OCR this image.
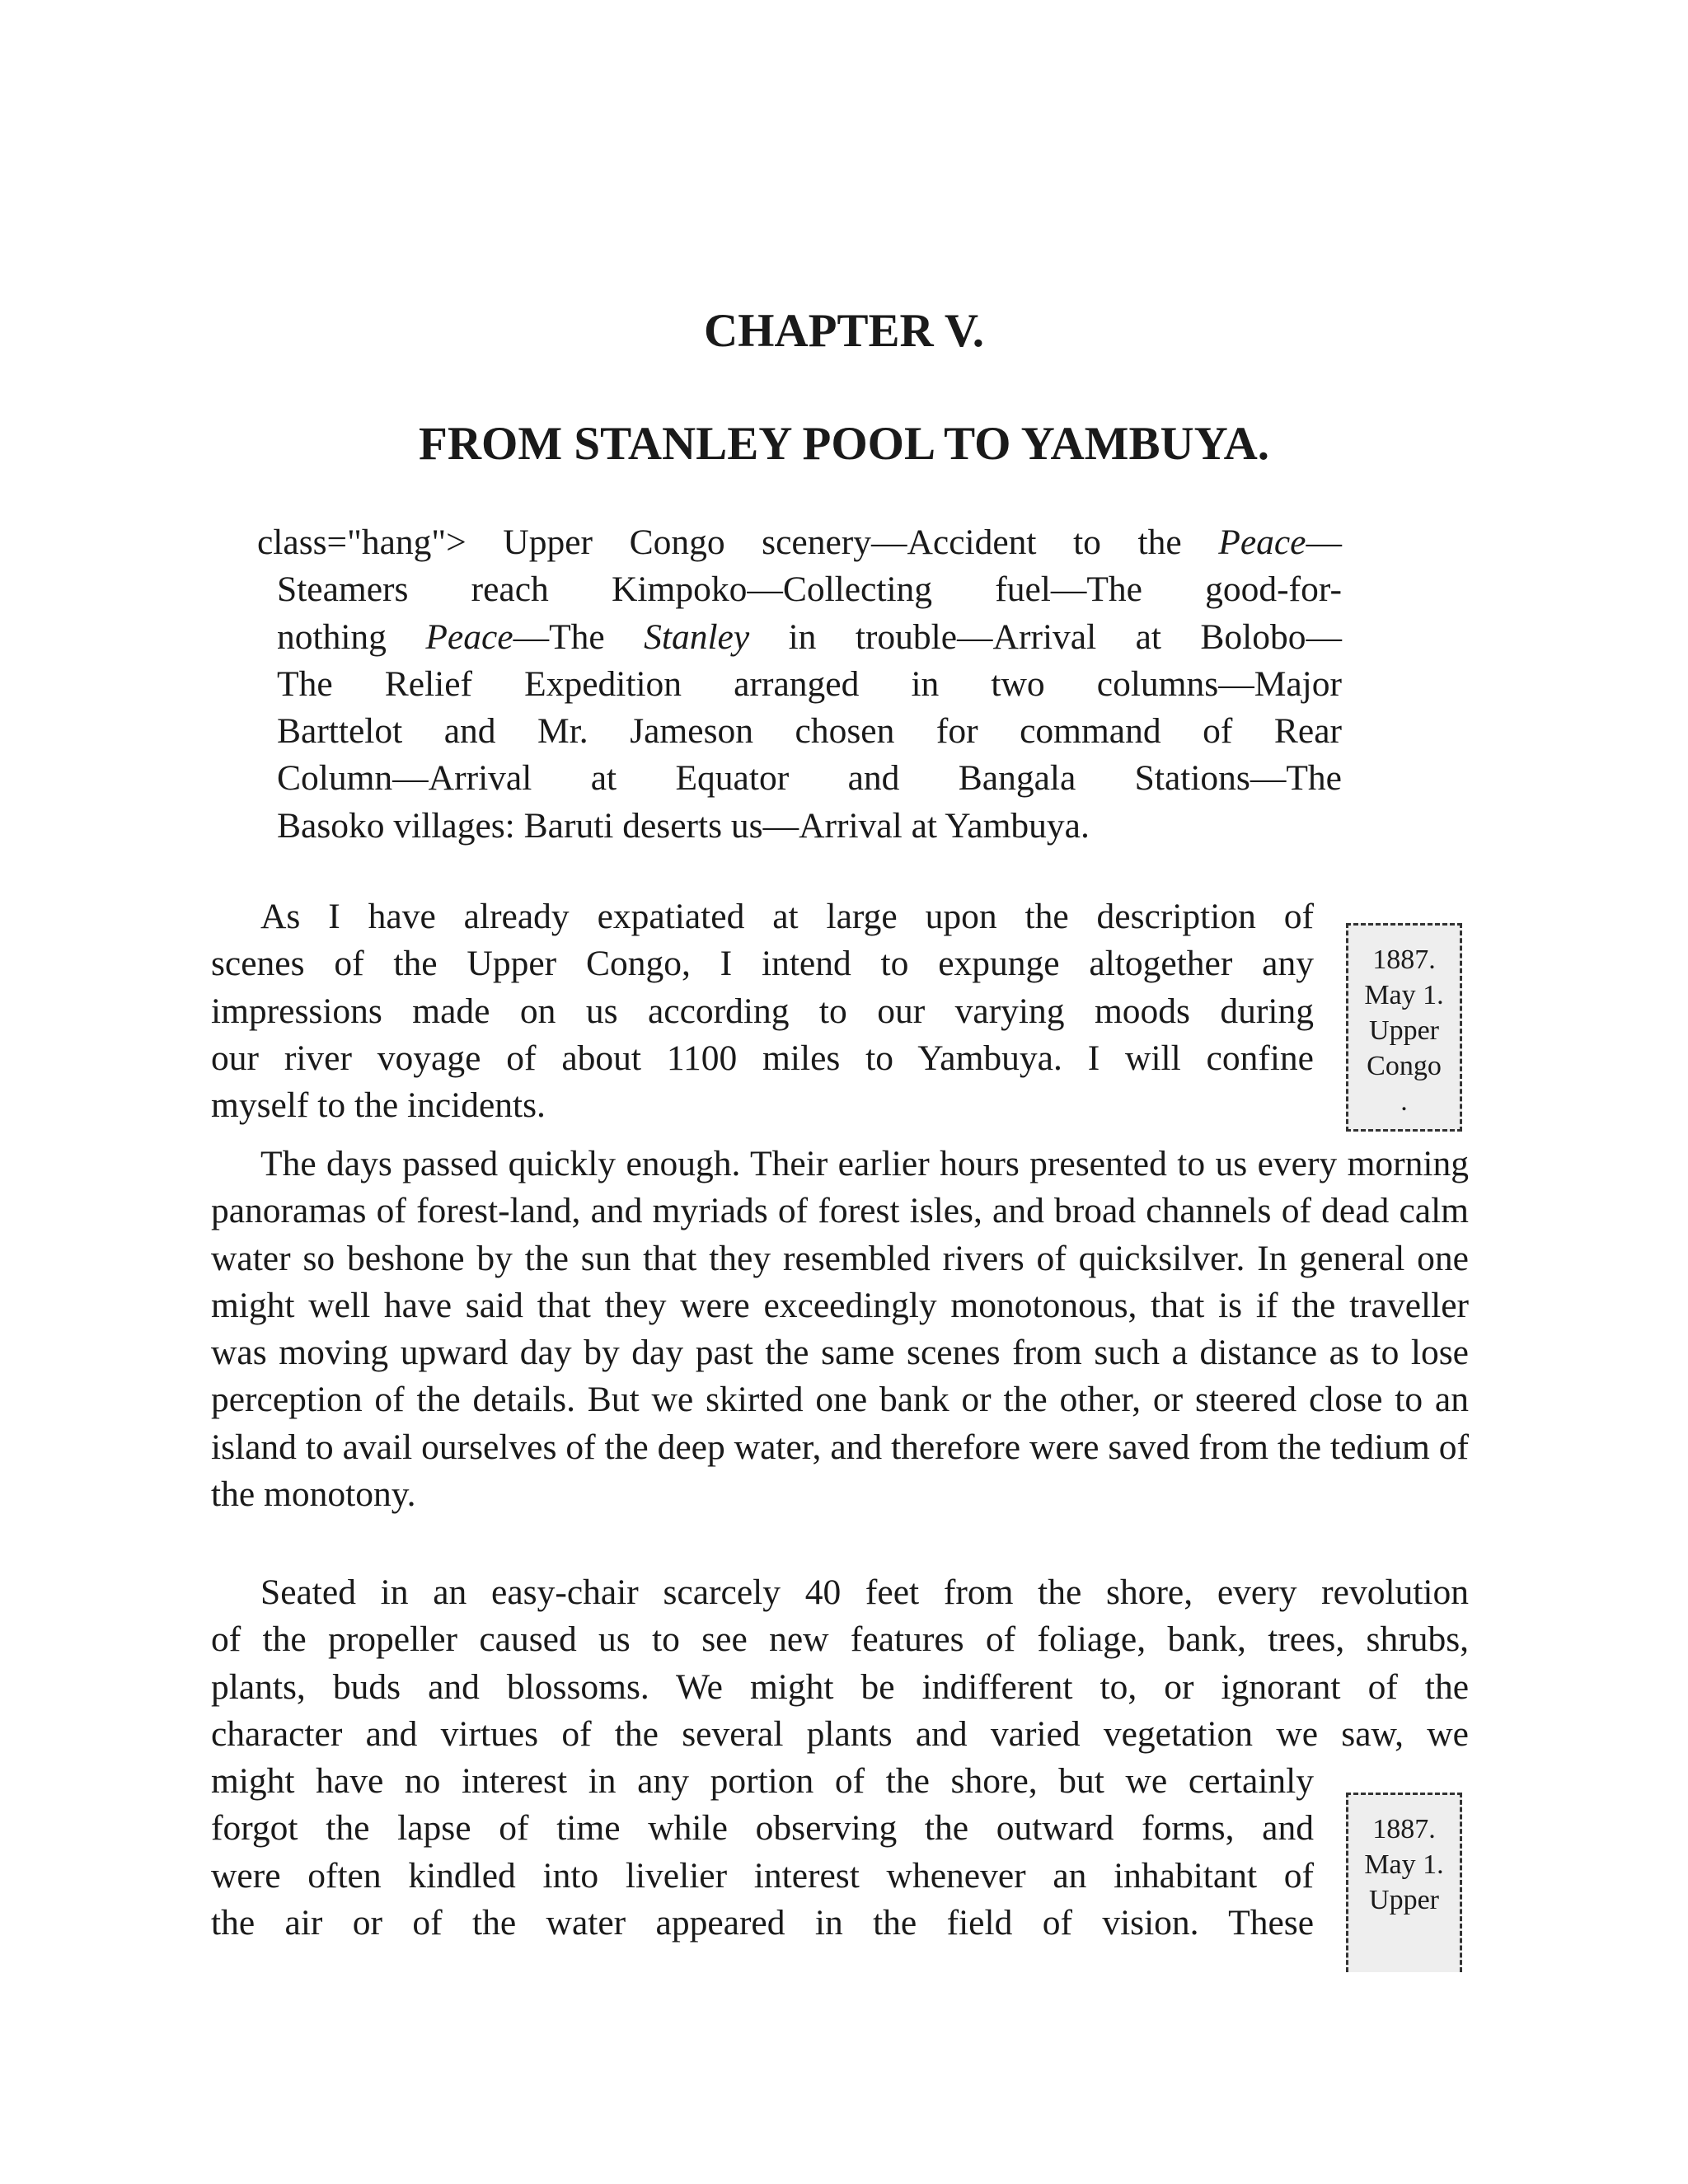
CHAPTER V.
FROM STANLEY POOL TO YAMBUYA.
class="hang"> Upper Congo scenery—Accident to the Peace—
Steamers reach Kimpoko—Collecting fuel—The good-for-
nothing Peace—The Stanley in trouble—Arrival at Bolobo—
The Relief Expedition arranged in two columns—Major
Barttelot and Mr. Jameson chosen for command of Rear
Column—Arrival at Equator and Bangala Stations—The
Basoko villages: Baruti deserts us—Arrival at Yambuya.
As I have already expatiated at large upon the description of
scenes of the Upper Congo, I intend to expunge altogether any
impressions made on us according to our varying moods during
our river voyage of about 1100 miles to Yambuya. I will confine
myself to the incidents.
1887.
May 1.
Upper
Congo
.

The days passed quickly enough. Their earlier hours presented to us every morning panoramas of forest-land, and myriads of forest isles, and broad channels of dead calm water so beshone by the sun that they resembled rivers of quicksilver. In general one might well have said that they were exceedingly monotonous, that is if the traveller was moving upward day by day past the same scenes from such a distance as to lose perception of the details. But we skirted one bank or the other, or steered close to an island to avail ourselves of the deep water, and therefore were saved from the tedium of the monotony.

Seated in an easy-chair scarcely 40 feet from the shore, every revolution
of the propeller caused us to see new features of foliage, bank, trees, shrubs,
plants, buds and blossoms. We might be indifferent to, or ignorant of the
character and virtues of the several plants and varied vegetation we saw, we
might have no interest in any portion of the shore, but we certainly
forgot the lapse of time while observing the outward forms, and
were often kindled into livelier interest whenever an inhabitant of
the air or of the water appeared in the field of vision. These
1887.
May 1.
Upper
